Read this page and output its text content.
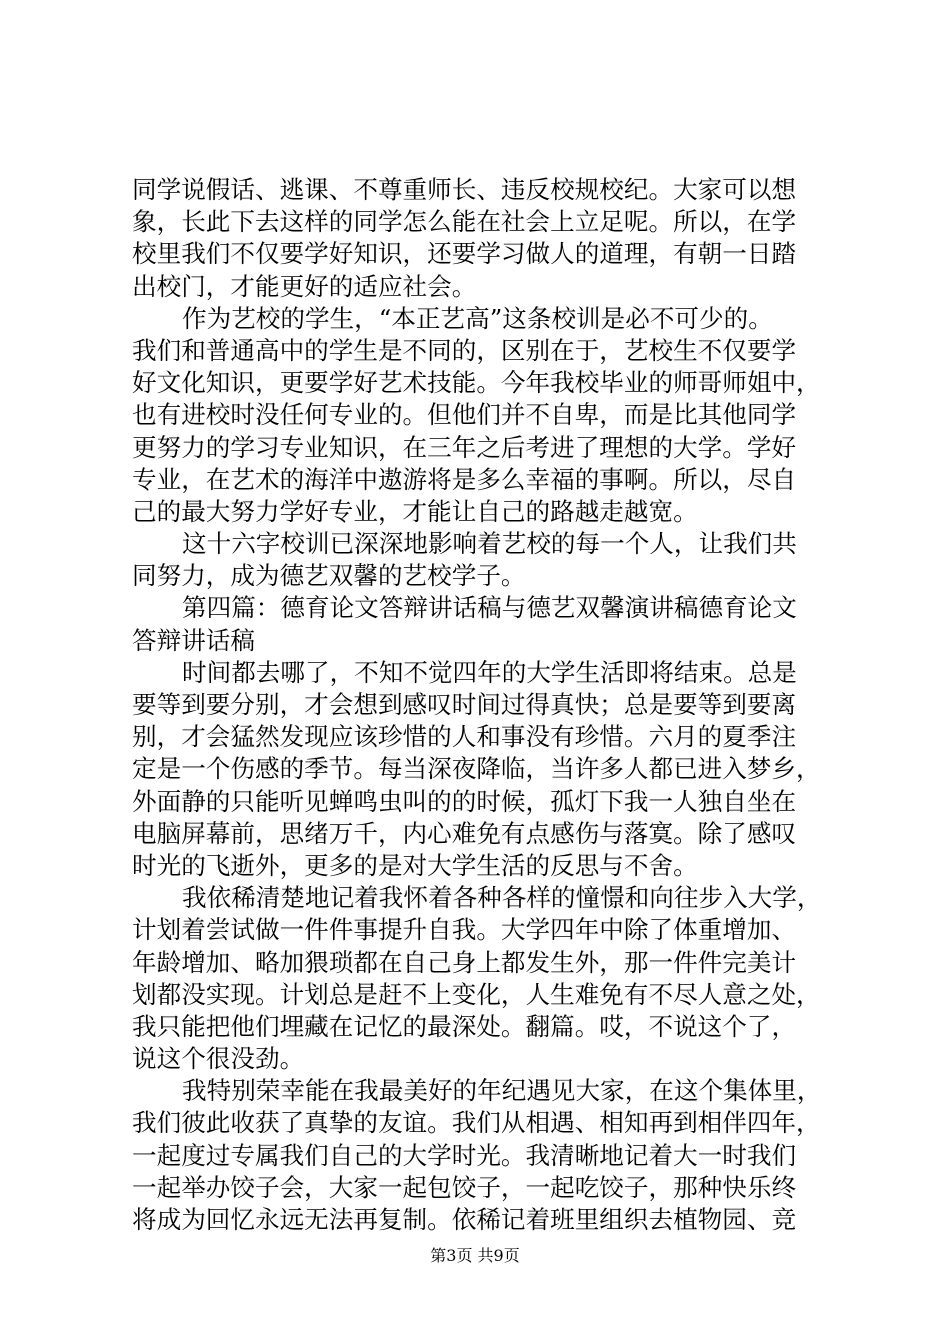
同学说假话、逃课、不尊重师长、违反校规校纪。大家可以想
象，长此下去这样的同学怎么能在社会上立足呢。所以，在学
校里我们不仅要学好知识，还要学习做人的道理，有朝一日踏
出校门，才能更好的适应社会。
作为艺校的学生，“本正艺高”这条校训是必不可少的。
我们和普通高中的学生是不同的，区别在于，艺校生不仅要学
好文化知识，更要学好艺术技能。今年我校毕业的师哥师姐中，
也有进校时没任何专业的。但他们并不自卑，而是比其他同学
更努力的学习专业知识，在三年之后考进了理想的大学。学好
专业，在艺术的海洋中遨游将是多么幸福的事啊。所以，尽自
己的最大努力学好专业，才能让自己的路越走越宽。
这十六字校训已深深地影响着艺校的每一个人，让我们共
同努力，成为德艺双馨的艺校学子。
第四篇：德育论文答辩讲话稿与德艺双馨演讲稿德育论文
答辩讲话稿
时间都去哪了，不知不觉四年的大学生活即将结束。总是
要等到要分别，才会想到感叹时间过得真快；总是要等到要离
别，才会猛然发现应该珍惜的人和事没有珍惜。六月的夏季注
定是一个伤感的季节。每当深夜降临，当许多人都已进入梦乡，
外面静的只能听见蝉鸣虫叫的的时候，孤灯下我一人独自坐在
电脑屏幕前，思绪万千，内心难免有点感伤与落寞。除了感叹
时光的飞逝外，更多的是对大学生活的反思与不舍。
我依稀清楚地记着我怀着各种各样的憧憬和向往步入大学，
计划着尝试做一件件事提升自我。大学四年中除了体重增加、
年龄增加、略加猥琐都在自己身上都发生外，那一件件完美计
划都没实现。计划总是赶不上变化，人生难免有不尽人意之处，
我只能把他们埋藏在记忆的最深处。翻篇。哎，不说这个了，
说这个很没劲。
我特别荣幸能在我最美好的年纪遇见大家，在这个集体里，
我们彼此收获了真挚的友谊。我们从相遇、相知再到相伴四年，
一起度过专属我们自己的大学时光。我清晰地记着大一时我们
一起举办饺子会，大家一起包饺子，一起吃饺子，那种快乐终
将成为回忆永远无法再复制。依稀记着班里组织去植物园、竞
第3页 共9页
